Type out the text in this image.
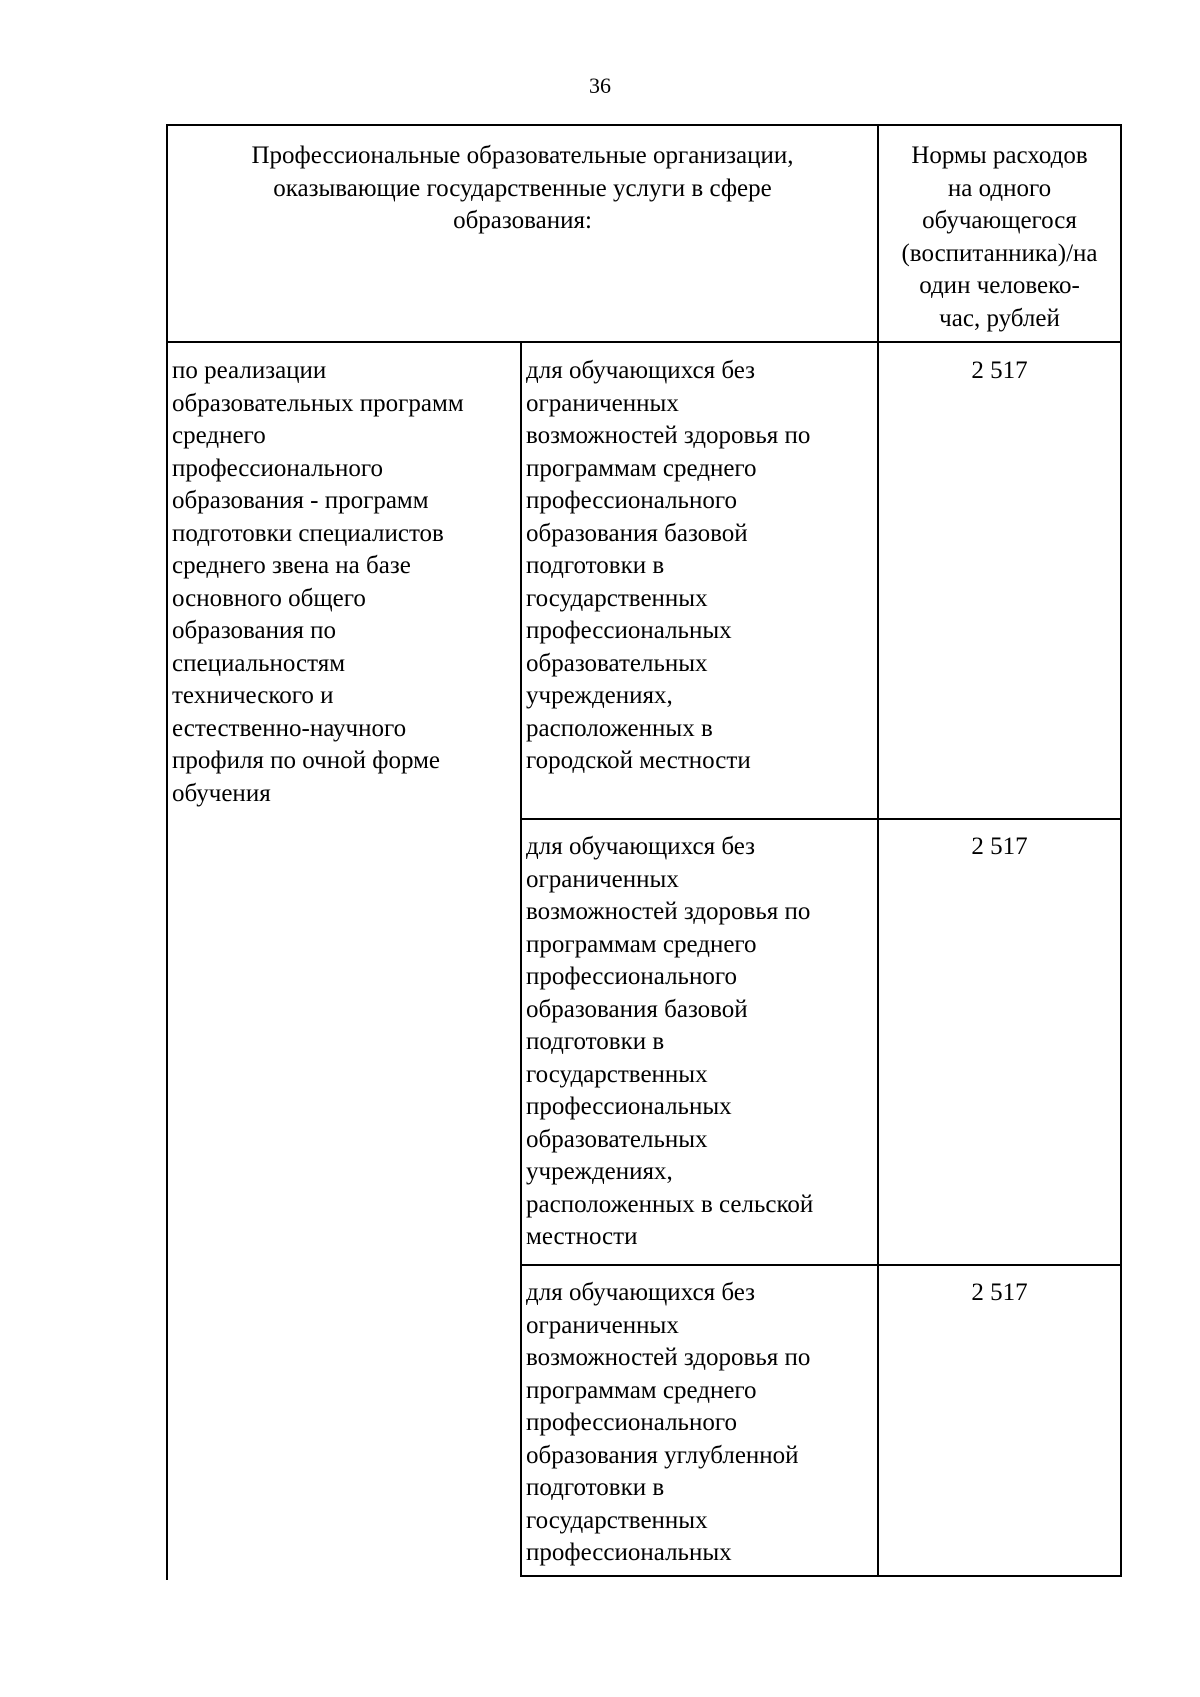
36
Профессиональные образовательные организации,
оказывающие государственные услуги в сфере
образования:
Нормы расходов
на одного
обучающегося
(воспитанника)/на
один человеко-
час, рублей
по реализации
образовательных программ
среднего
профессионального
образования - программ
подготовки специалистов
среднего звена на базе
основного общего
образования по
специальностям
технического и
естественно-научного
профиля по очной форме
обучения
для обучающихся без
ограниченных
возможностей здоровья по
программам среднего
профессионального
образования базовой
подготовки в
государственных
профессиональных
образовательных
учреждениях,
расположенных в
городской местности
2 517
для обучающихся без
ограниченных
возможностей здоровья по
программам среднего
профессионального
образования базовой
подготовки в
государственных
профессиональных
образовательных
учреждениях,
расположенных в сельской
местности
2 517
для обучающихся без
ограниченных
возможностей здоровья по
программам среднего
профессионального
образования углубленной
подготовки в
государственных
профессиональных
2 517
